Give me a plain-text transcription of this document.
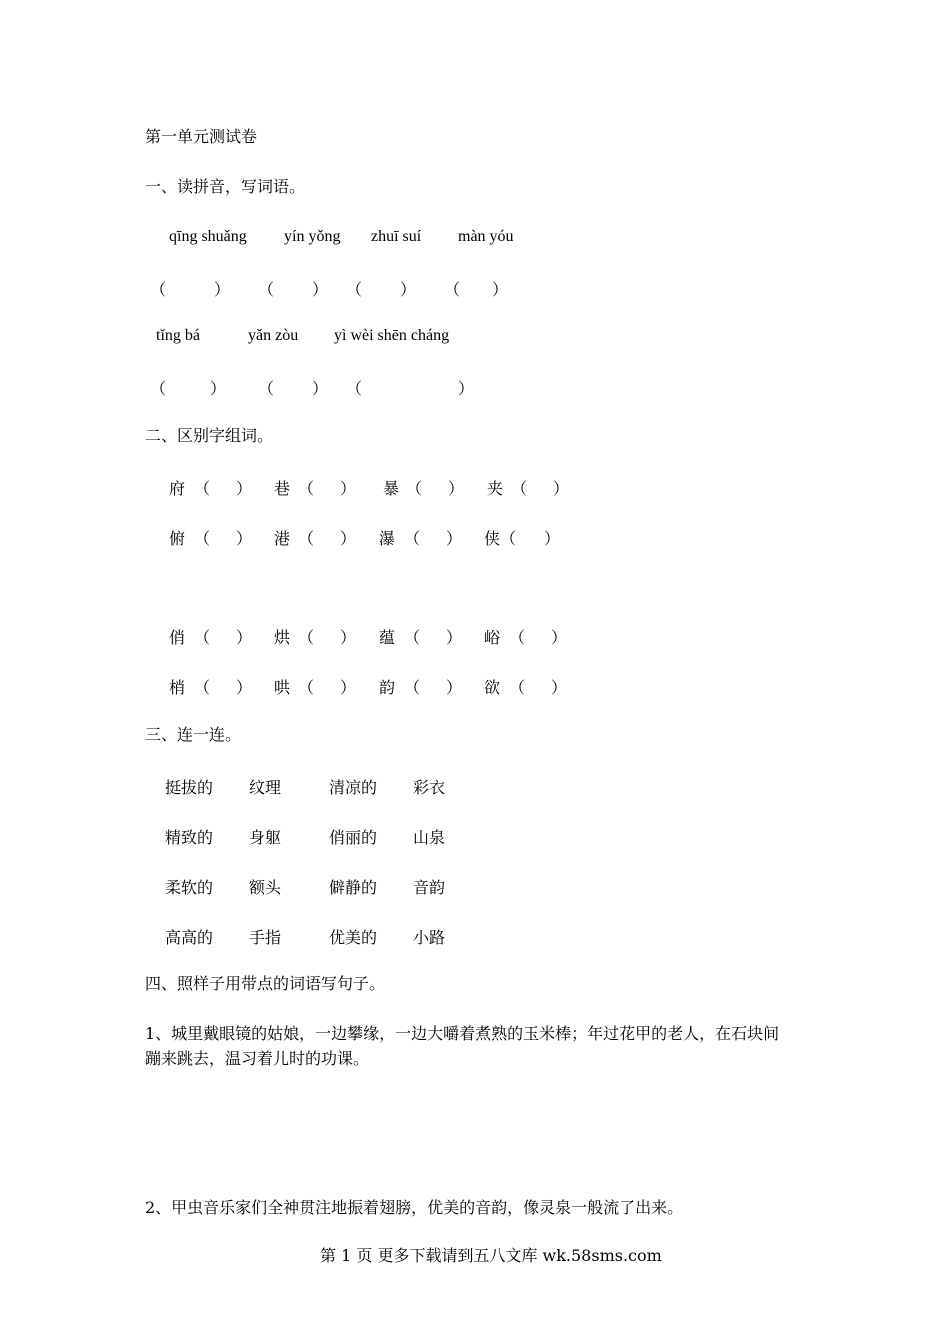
第一单元测试卷
一、读拼音，写词语。
qīng shuǎng yín yǒng zhuī suí màn yóu
（	） （ ） （ ） （ ）
tǐng bá	yǎn zòu yì wèi shēn cháng
（	） （ ） （	）
二、区别字组词。
府 （ ） 巷 （ ） 暴 （ ） 夹 （ ）
俯 （ ） 港 （ ） 瀑 （ ） 侠 （ ）
俏 （ ） 烘 （ ） 蕴 （ ） 峪 （ ）
梢 （ ） 哄 （ ） 韵 （ ） 欲 （ ）
三、连一连。
挺拔的 纹理	清凉的 彩衣
精致的 身躯	俏丽的 山泉
柔软的 额头	僻静的 音韵
高高的 手指	优美的 小路
四、照样子用带点的词语写句子。
1、城里戴眼镜的姑娘，一边攀缘，一边大嚼着煮熟的玉米棒；年过花甲的老人，在石块间
蹦来跳去，温习着儿时的功课。
2、甲虫音乐家们全神贯注地振着翅膀，优美的音韵，像灵泉一般流了出来。
第 1 页 更多下载请到五八文库 wk.58sms.com
